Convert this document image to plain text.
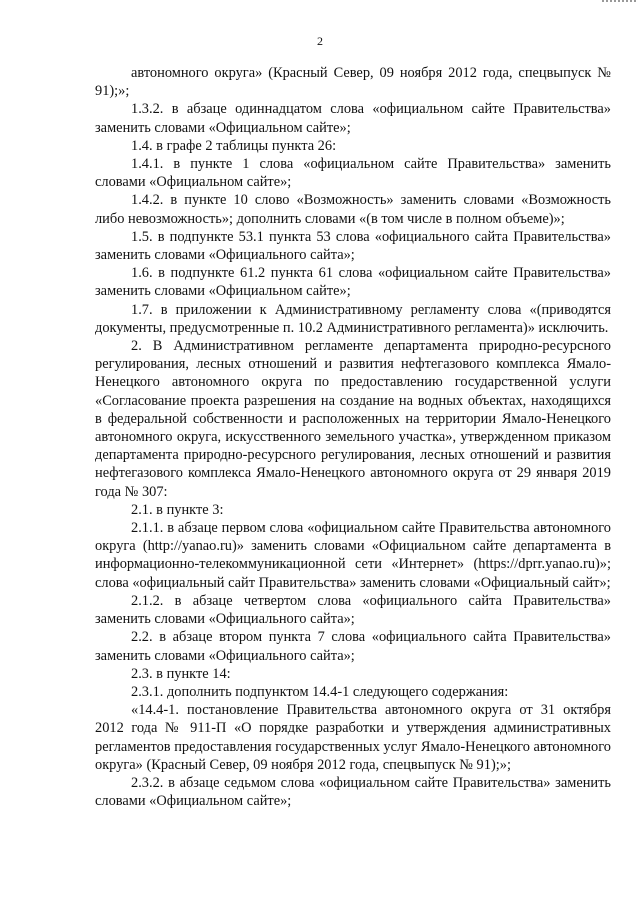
2

автономного округа» (Красный Север, 09 ноября 2012 года, спецвыпуск № 91);»;

1.3.2. в абзаце одиннадцатом слова «официальном сайте Правительства» заменить словами «Официальном сайте»;

1.4. в графе 2 таблицы пункта 26:

1.4.1. в пункте 1 слова «официальном сайте Правительства» заменить словами «Официальном сайте»;

1.4.2. в пункте 10 слово «Возможность» заменить словами «Возможность либо невозможность»; дополнить словами «(в том числе в полном объеме)»;

1.5. в подпункте 53.1 пункта 53 слова «официального сайта Правительства» заменить словами «Официального сайта»;

1.6. в подпункте 61.2 пункта 61 слова «официальном сайте Правительства» заменить словами «Официальном сайте»;

1.7. в приложении к Административному регламенту слова «(приводятся документы, предусмотренные п. 10.2 Административного регламента)» исключить.

2. В Административном регламенте департамента природно-ресурсного регулирования, лесных отношений и развития нефтегазового комплекса Ямало-Ненецкого автономного округа по предоставлению государственной услуги «Согласование проекта разрешения на создание на водных объектах, находящихся в федеральной собственности и расположенных на территории Ямало-Ненецкого автономного округа, искусственного земельного участка», утвержденном приказом департамента природно-ресурсного регулирования, лесных отношений и развития нефтегазового комплекса Ямало-Ненецкого автономного округа от 29 января 2019 года № 307:

2.1. в пункте 3:

2.1.1. в абзаце первом слова «официальном сайте Правительства автономного округа (http://yanao.ru)» заменить словами «Официальном сайте департамента в информационно-телекоммуникационной сети «Интернет» (https://dprr.yanao.ru)»; слова «официальный сайт Правительства» заменить словами «Официальный сайт»;

2.1.2. в абзаце четвертом слова «официального сайта Правительства» заменить словами «Официального сайта»;

2.2. в абзаце втором пункта 7 слова «официального сайта Правительства» заменить словами «Официального сайта»;

2.3. в пункте 14:

2.3.1. дополнить подпунктом 14.4-1 следующего содержания:

«14.4-1. постановление Правительства автономного округа от 31 октября 2012 года № 911-П «О порядке разработки и утверждения административных регламентов предоставления государственных услуг Ямало-Ненецкого автономного округа» (Красный Север, 09 ноября 2012 года, спецвыпуск № 91);»;

2.3.2. в абзаце седьмом слова «официальном сайте Правительства» заменить словами «Официальном сайте»;
